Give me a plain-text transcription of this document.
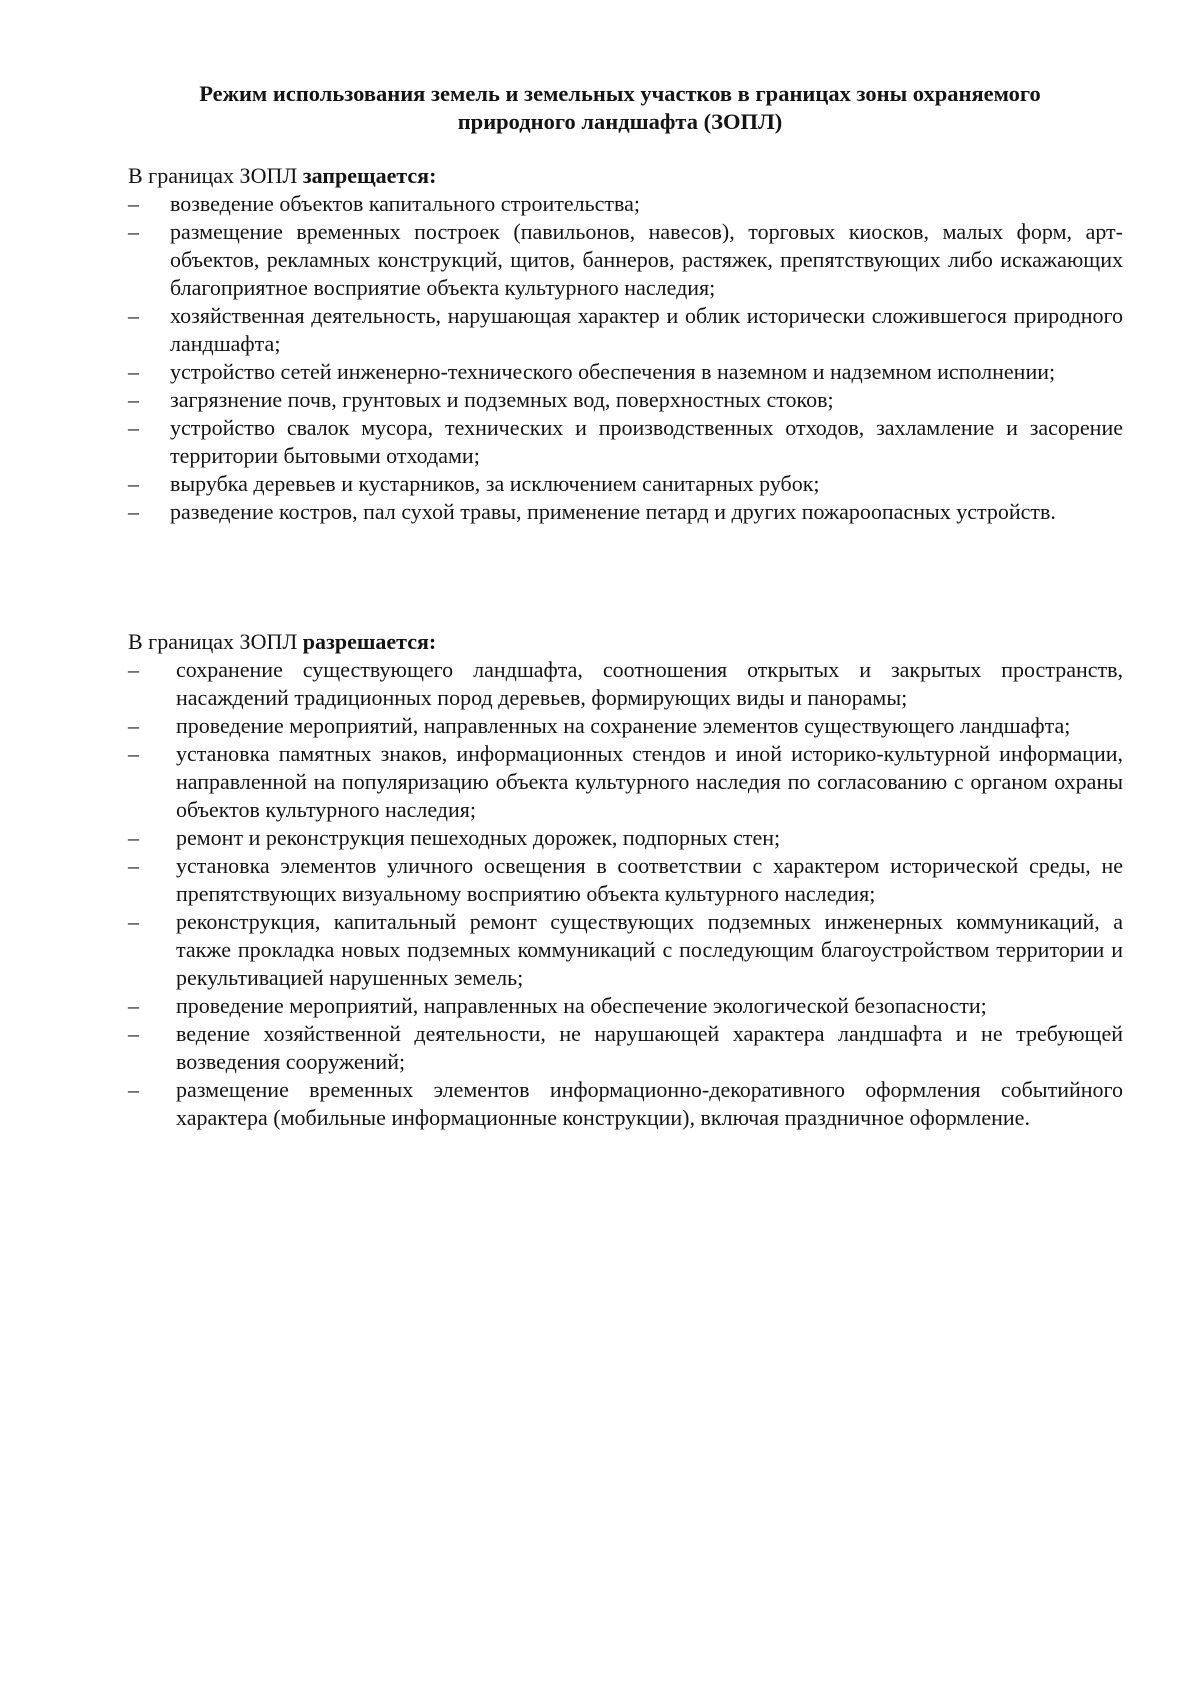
Режим использования земель и земельных участков в границах зоны охраняемого природного ландшафта (ЗОПЛ)

В границах ЗОПЛ запрещается:

–	возведение объектов капитального строительства;
–	размещение временных построек (павильонов, навесов), торговых киосков, малых форм, арт-объектов, рекламных конструкций, щитов, баннеров, растяжек, препятствующих либо искажающих благоприятное восприятие объекта культурного наследия;
–	хозяйственная деятельность, нарушающая характер и облик исторически сложившегося природного ландшафта;
–	устройство сетей инженерно-технического обеспечения в наземном и надземном исполнении;
–	загрязнение почв, грунтовых и подземных вод, поверхностных стоков;
–	устройство свалок мусора, технических и производственных отходов, захламление и засорение территории бытовыми отходами;
–	вырубка деревьев и кустарников, за исключением санитарных рубок;
–	разведение костров, пал сухой травы, применение петард и других пожароопасных устройств.

В границах ЗОПЛ разрешается:

–	сохранение существующего ландшафта, соотношения открытых и закрытых пространств, насаждений традиционных пород деревьев, формирующих виды и панорамы;
–	проведение мероприятий, направленных на сохранение элементов существующего ландшафта;
–	установка памятных знаков, информационных стендов и иной историко-культурной информации, направленной на популяризацию объекта культурного наследия по согласованию с органом охраны объектов культурного наследия;
–	ремонт и реконструкция пешеходных дорожек, подпорных стен;
–	установка элементов уличного освещения в соответствии с характером исторической среды, не препятствующих визуальному восприятию объекта культурного наследия;
–	реконструкция, капитальный ремонт существующих подземных инженерных коммуникаций, а также прокладка новых подземных коммуникаций с последующим благоустройством территории и рекультивацией нарушенных земель;
–	проведение мероприятий, направленных на обеспечение экологической безопасности;
–	ведение хозяйственной деятельности, не нарушающей характера ландшафта и не требующей возведения сооружений;
–	размещение временных элементов информационно-декоративного оформления событийного характера (мобильные информационные конструкции), включая праздничное оформление.
